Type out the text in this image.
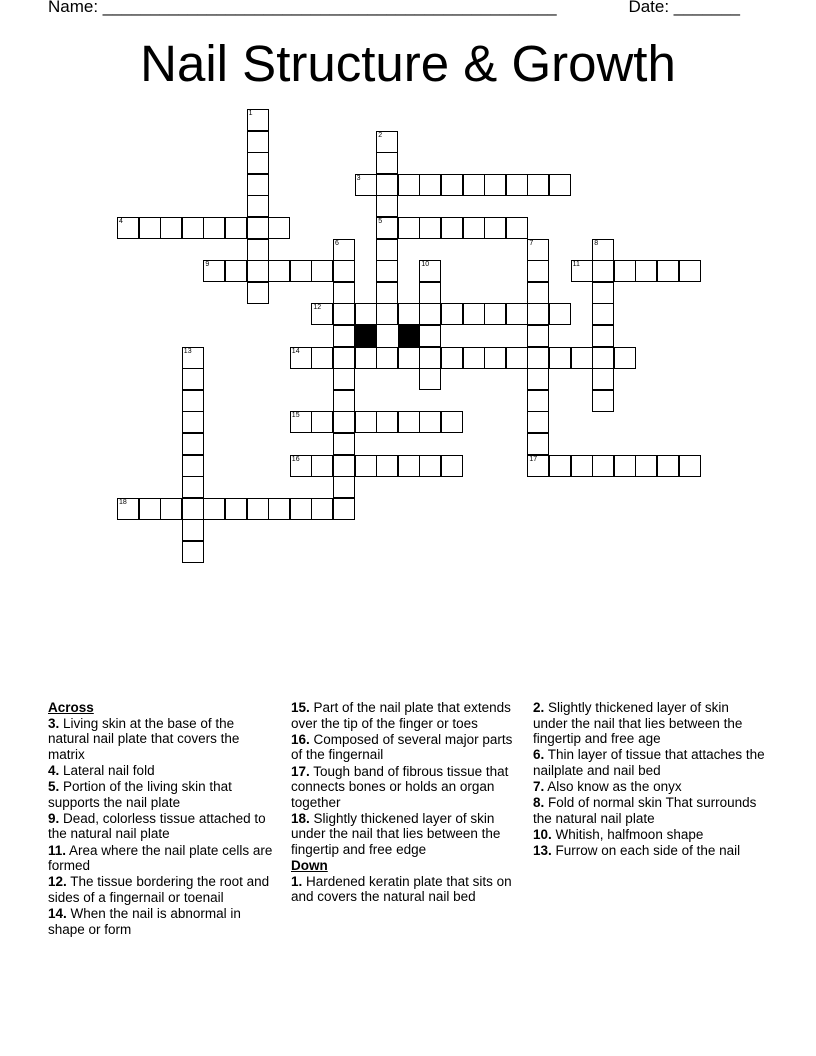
Name: ________________________________________________	Date: _______
Nail Structure & Growth
1
2
5
3
4
6	7
17
8
9	10	11
12
13	14
15
16
18
Across
3. Living skin at the base of the natural nail plate that covers the matrix
4. Lateral nail fold
5. Portion of the living skin that supports the nail plate
9. Dead, colorless tissue attached to the natural nail plate
11. Area where the nail plate cells are formed
12. The tissue bordering the root and sides of a fingernail or toenail
14. When the nail is abnormal in shape or form
15. Part of the nail plate that extends over the tip of the finger or toes
16. Composed of several major parts of the fingernail
17. Tough band of fibrous tissue that connects bones or holds an organ together
18. Slightly thickened layer of skin under the nail that lies between the fingertip and free edge
Down
1. Hardened keratin plate that sits on and covers the natural nail bed
2. Slightly thickened layer of skin under the nail that lies between the fingertip and free age
6. Thin layer of tissue that attaches the nailplate and nail bed
7. Also know as the onyx
8. Fold of normal skin That surrounds the natural nail plate
10. Whitish, halfmoon shape
13. Furrow on each side of the nail
